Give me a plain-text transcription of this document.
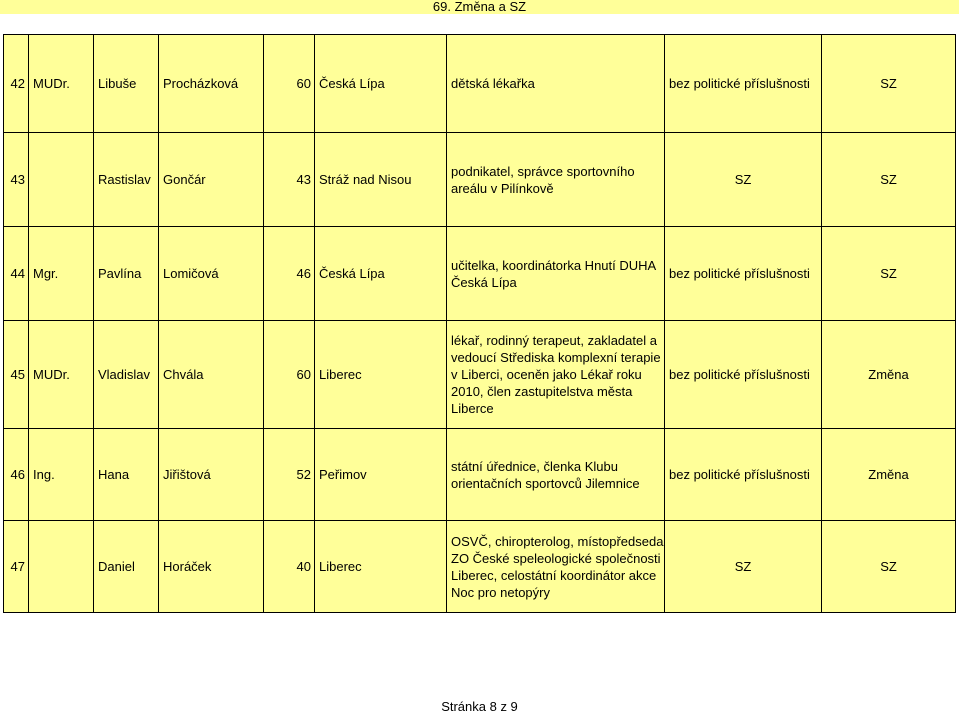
69. Změna a SZ
42	MUDr.	Libuše	Procházková	60	Česká Lípa	dětská lékařka	bez politické příslušnosti	SZ
43		Rastislav	Gončár	43	Stráž nad Nisou	podnikatel, správce sportovního areálu v Pilínkově	SZ	SZ
44	Mgr.	Pavlína	Lomičová	46	Česká Lípa	učitelka, koordinátorka Hnutí DUHA Česká Lípa	bez politické příslušnosti	SZ
45	MUDr.	Vladislav	Chvála	60	Liberec	lékař, rodinný terapeut, zakladatel a vedoucí Střediska komplexní terapie v Liberci, oceněn jako Lékař roku 2010, člen zastupitelstva města Liberce	bez politické příslušnosti	Změna
46	Ing.	Hana	Jiřištová	52	Peřimov	státní úřednice, členka Klubu orientačních sportovců Jilemnice	bez politické příslušnosti	Změna
47		Daniel	Horáček	40	Liberec	OSVČ, chiropterolog, místopředseda ZO České speleologické společnosti Liberec, celostátní koordinátor akce Noc pro netopýry	SZ	SZ
Stránka 8 z 9
